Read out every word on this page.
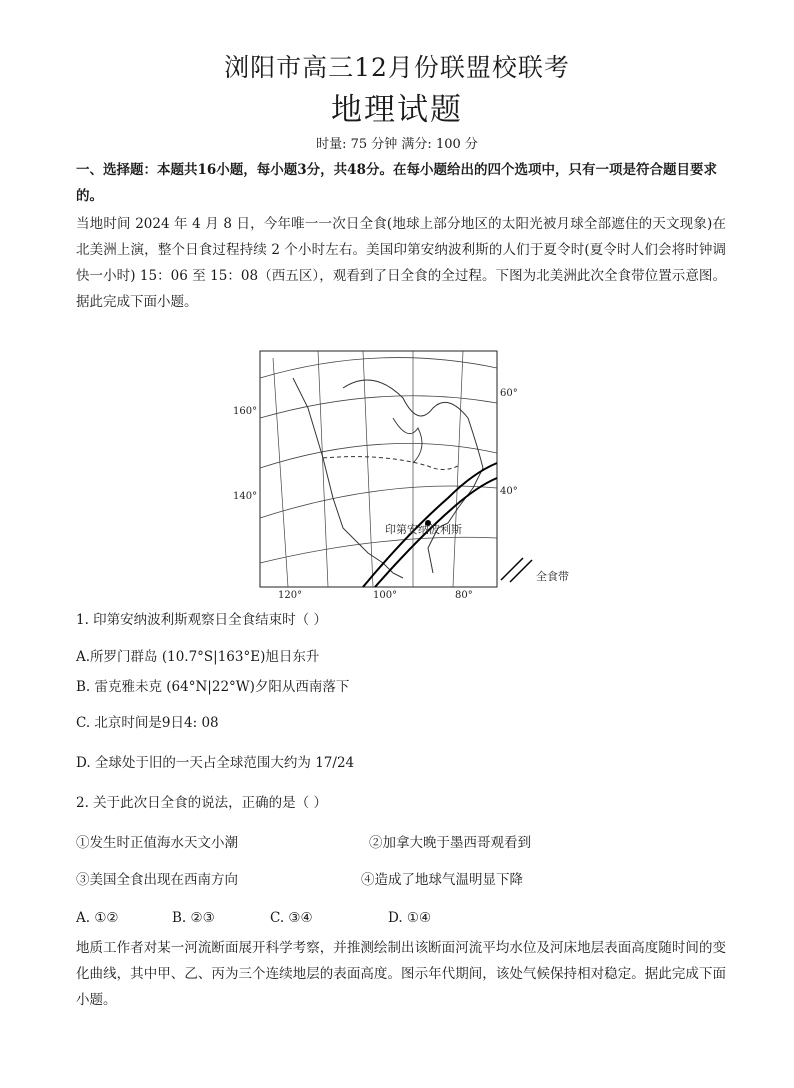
浏阳市高三12月份联盟校联考
地理试题
时量: 75 分钟 满分: 100 分
一、选择题：本题共16小题，每小题3分，共48分。在每小题给出的四个选项中，只有一项是符合题目要求的。
当地时间 2024 年 4 月 8 日，今年唯一一次日全食(地球上部分地区的太阳光被月球全部遮住的天文现象)在北美洲上演，整个日食过程持续 2 个小时左右。美国印第安纳波利斯的人们于夏令时(夏令时人们会将时钟调快一小时) 15：06 至 15：08（西五区），观看到了日全食的全过程。下图为北美洲此次全食带位置示意图。据此完成下面小题。
印第安纳波利斯
160°
140°
120°	100°	80°
60°
40°
全食带
1. 印第安纳波利斯观察日全食结束时（ ）
A.所罗门群岛 (10.7°S|163°E)旭日东升
B. 雷克雅未克 (64°N|22°W)夕阳从西南落下
C. 北京时间是9日4: 08
D. 全球处于旧的一天占全球范围大约为 17/24
2. 关于此次日全食的说法，正确的是（ ）
①发生时正值海水天文小潮	②加拿大晚于墨西哥观看到
③美国全食出现在西南方向	④造成了地球气温明显下降
A. ①②	B. ②③	C. ③④	D. ①④
地质工作者对某一河流断面展开科学考察，并推测绘制出该断面河流平均水位及河床地层表面高度随时间的变化曲线，其中甲、乙、丙为三个连续地层的表面高度。图示年代期间，该处气候保持相对稳定。据此完成下面小题。
